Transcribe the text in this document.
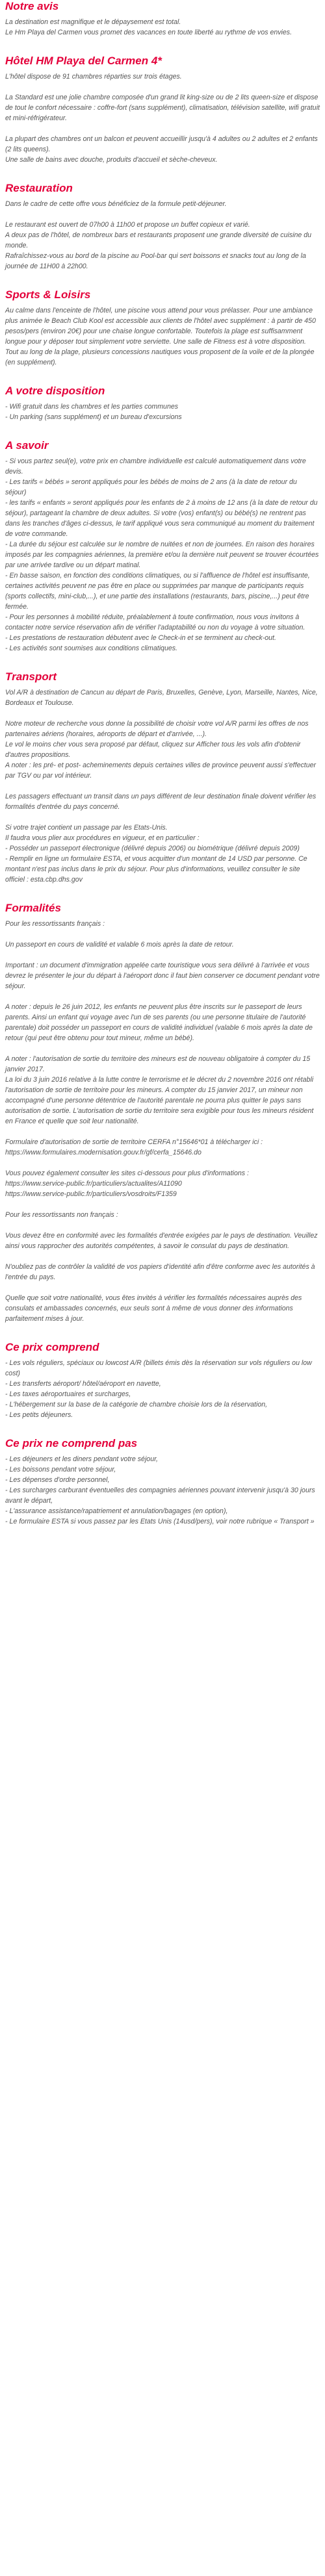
Notre avis

La destination est magnifique et le dépaysement est total.
Le Hm Playa del Carmen vous promet des vacances en toute liberté au rythme de vos envies.

Hôtel HM Playa del Carmen 4*

L'hôtel dispose de 91 chambres réparties sur trois étages.

La Standard est une jolie chambre composée d'un grand lit king-size ou de 2 lits queen-size et dispose de tout le confort nécessaire : coffre-fort (sans supplément), climatisation, télévision satellite, wifi gratuit et mini-réfrigérateur.

La plupart des chambres ont un balcon et peuvent accueillir jusqu'à 4 adultes ou 2 adultes et 2 enfants (2 lits queens).
Une salle de bains avec douche, produits d'accueil et sèche-cheveux.

Restauration

Dans le cadre de cette offre vous bénéficiez de la formule petit-déjeuner.

Le restaurant est ouvert de 07h00 à 11h00 et propose un buffet copieux et varié.
A deux pas de l'hôtel, de nombreux bars et restaurants proposent une grande diversité de cuisine du monde.
Rafraîchissez-vous au bord de la piscine au Pool-bar qui sert boissons et snacks tout au long de la journée de 11H00 à 22h00.

Sports & Loisirs

Au calme dans l'enceinte de l'hôtel, une piscine vous attend pour vous prélasser. Pour une ambiance plus animée le Beach Club Kool est accessible aux clients de l'hôtel avec supplément : à partir de 450 pesos/pers (environ 20€) pour une chaise longue confortable. Toutefois la plage est suffisamment longue pour y déposer tout simplement votre serviette. Une salle de Fitness est à votre disposition. Tout au long de la plage, plusieurs concessions nautiques vous proposent de la voile et de la plongée (en supplément).

A votre disposition

- Wifi gratuit dans les chambres et les parties communes
- Un parking (sans supplément) et un bureau d'excursions

A savoir

- Si vous partez seul(e), votre prix en chambre individuelle est calculé automatiquement dans votre devis.
- Les tarifs « bébés » seront appliqués pour les bébés de moins de 2 ans (à la date de retour du séjour)
- les tarifs « enfants » seront appliqués pour les enfants de 2 à moins de 12 ans (à la date de retour du séjour), partageant la chambre de deux adultes. Si votre (vos) enfant(s) ou bébé(s) ne rentrent pas dans les tranches d'âges ci-dessus, le tarif appliqué vous sera communiqué au moment du traitement de votre commande.
- La durée du séjour est calculée sur le nombre de nuitées et non de journées. En raison des horaires imposés par les compagnies aériennes, la première et/ou la dernière nuit peuvent se trouver écourtées par une arrivée tardive ou un départ matinal.
- En basse saison, en fonction des conditions climatiques, ou si l'affluence de l'hôtel est insuffisante, certaines activités peuvent ne pas être en place ou supprimées par manque de participants requis (sports collectifs, mini-club,...), et une partie des installations (restaurants, bars, piscine,...) peut être fermée.
- Pour les personnes à mobilité réduite, préalablement à toute confirmation, nous vous invitons à contacter notre service réservation afin de vérifier l'adaptabilité ou non du voyage à votre situation.
- Les prestations de restauration débutent avec le Check-in et se terminent au check-out.
- Les activités sont soumises aux conditions climatiques.

Transport

Vol A/R à destination de Cancun au départ de Paris, Bruxelles, Genève, Lyon, Marseille, Nantes, Nice, Bordeaux et Toulouse.

Notre moteur de recherche vous donne la possibilité de choisir votre vol A/R parmi les offres de nos partenaires aériens (horaires, aéroports de départ et d'arrivée, ...).
Le vol le moins cher vous sera proposé par défaut, cliquez sur Afficher tous les vols afin d'obtenir d'autres propositions.
A noter : les pré- et post- acheminements depuis certaines villes de province peuvent aussi s'effectuer par TGV ou par vol intérieur.

Les passagers effectuant un transit dans un pays différent de leur destination finale doivent vérifier les formalités d'entrée du pays concerné.

Si votre trajet contient un passage par les Etats-Unis.
Il faudra vous plier aux procédures en vigueur, et en particulier :
- Posséder un passeport électronique (délivré depuis 2006) ou biométrique (délivré depuis 2009)
- Remplir en ligne un formulaire ESTA, et vous acquitter d'un montant de 14 USD par personne. Ce montant n'est pas inclus dans le prix du séjour. Pour plus d'informations, veuillez consulter le site officiel : esta.cbp.dhs.gov

Formalités

Pour les ressortissants français :

Un passeport en cours de validité et valable 6 mois après la date de retour.

Important : un document d'immigration appelée carte touristique vous sera délivré à l'arrivée et vous devrez le présenter le jour du départ à l'aéroport donc il faut bien conserver ce document pendant votre séjour.

A noter : depuis le 26 juin 2012, les enfants ne peuvent plus être inscrits sur le passeport de leurs parents. Ainsi un enfant qui voyage avec l'un de ses parents (ou une personne titulaire de l'autorité parentale) doit posséder un passeport en cours de validité individuel (valable 6 mois après la date de retour (qui peut être obtenu pour tout mineur, même un bébé).

A noter : l'autorisation de sortie du territoire des mineurs est de nouveau obligatoire à compter du 15 janvier 2017.
La loi du 3 juin 2016 relative à la lutte contre le terrorisme et le décret du 2 novembre 2016 ont rétabli l'autorisation de sortie de territoire pour les mineurs. A compter du 15 janvier 2017, un mineur non accompagné d'une personne détentrice de l'autorité parentale ne pourra plus quitter le pays sans autorisation de sortie. L'autorisation de sortie du territoire sera exigible pour tous les mineurs résident en France et quelle que soit leur nationalité.

Formulaire d'autorisation de sortie de territoire CERFA n°15646*01 à télécharger ici :
https://www.formulaires.modernisation.gouv.fr/gf/cerfa_15646.do

Vous pouvez également consulter les sites ci-dessous pour plus d'informations :
https://www.service-public.fr/particuliers/actualites/A11090
https://www.service-public.fr/particuliers/vosdroits/F1359

Pour les ressortissants non français :

Vous devez être en conformité avec les formalités d'entrée exigées par le pays de destination. Veuillez ainsi vous rapprocher des autorités compétentes, à savoir le consulat du pays de destination.

N'oubliez pas de contrôler la validité de vos papiers d'identité afin d'être conforme avec les autorités à l'entrée du pays.

Quelle que soit votre nationalité, vous êtes invités à vérifier les formalités nécessaires auprès des consulats et ambassades concernés, eux seuls sont à même de vous donner des informations parfaitement mises à jour.

Ce prix comprend

- Les vols réguliers, spéciaux ou lowcost A/R (billets émis dès la réservation sur vols réguliers ou low cost)
- Les transferts aéroport/ hôtel/aéroport en navette,
- Les taxes aéroportuaires et surcharges,
- L'hébergement sur la base de la catégorie de chambre choisie lors de la réservation,
- Les petits déjeuners.

Ce prix ne comprend pas

- Les déjeuners et les diners pendant votre séjour,
- Les boissons pendant votre séjour,
- Les dépenses d'ordre personnel,
- Les surcharges carburant éventuelles des compagnies aériennes pouvant intervenir jusqu'à 30 jours avant le départ,
- L'assurance assistance/rapatriement et annulation/bagages (en option),
- Le formulaire ESTA si vous passez par les Etats Unis (14usd/pers), voir notre rubrique « Transport »
